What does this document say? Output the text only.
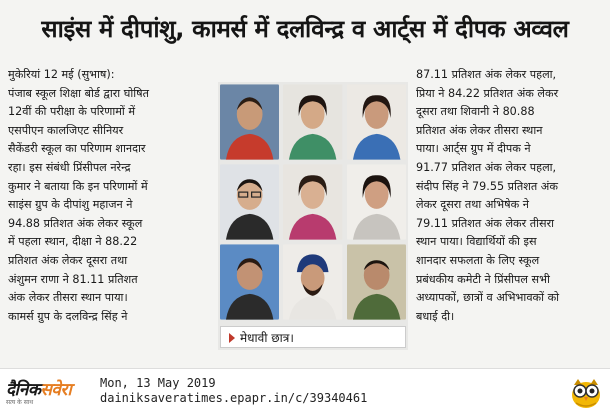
साइंस में दीपांशु, कामर्स में दलविन्द्र व आर्ट्स में दीपक अव्वल
मुकेरियां 12 मई (सुभाष):
पंजाब स्कूल शिक्षा बोर्ड द्वारा घोषित
12वीं की परीक्षा के परिणामों में
एसपीएन कालजिएट सीनियर
सैकेंडरी स्कूल का परिणाम शानदार
रहा। इस संबंधी प्रिंसीपल नरेन्द्र
कुमार ने बताया कि इन परिणामों में
साइंस ग्रुप के दीपांशु महाजन ने
94.88 प्रतिशत अंक लेकर स्कूल
में पहला स्थान, दीक्षा ने 88.22
प्रतिशत अंक लेकर दूसरा तथा
अंशुमन राणा ने 81.11 प्रतिशत
अंक लेकर तीसरा स्थान पाया।
कामर्स ग्रुप के दलविन्द्र सिंह ने
मेधावी छात्र।
87.11 प्रतिशत अंक लेकर पहला,
प्रिया ने 84.22 प्रतिशत अंक लेकर
दूसरा तथा शिवानी ने 80.88
प्रतिशत अंक लेकर तीसरा स्थान
पाया। आर्ट्स ग्रुप में दीपक ने
91.77 प्रतिशत अंक लेकर पहला,
संदीप सिंह ने 79.55 प्रतिशत अंक
लेकर दूसरा तथा अभिषेक ने
79.11 प्रतिशत अंक लेकर तीसरा
स्थान पाया। विद्यार्थियों की इस
शानदार सफलता के लिए स्कूल
प्रबंधकीय कमेटी ने प्रिंसीपल सभी
अध्यापकों, छात्रों व अभिभावकों को
बधाई दी।
दैनिकसवेरा
सत्य के साथ
Mon, 13 May 2019
dainiksaveratimes.epapr.in/c/39340461
